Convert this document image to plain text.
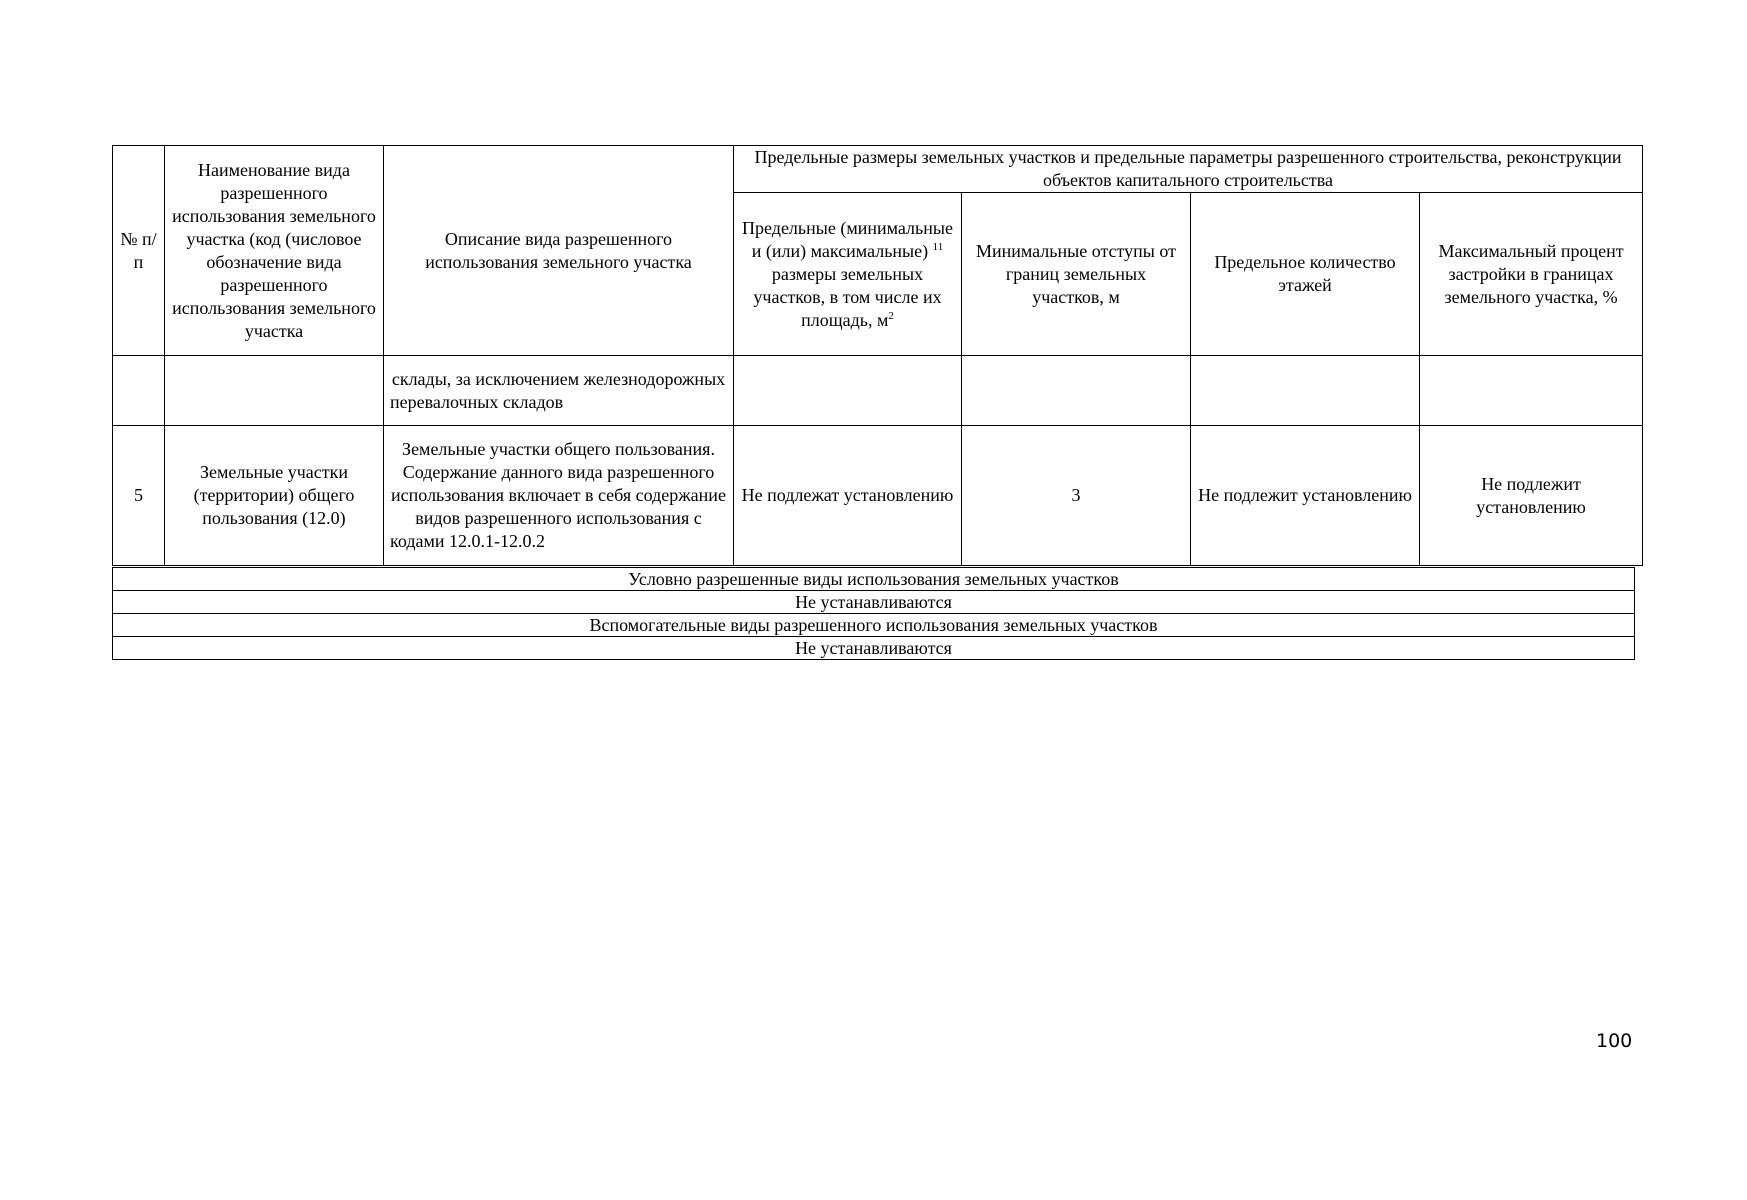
№ п/п	Наименование вида разрешенного использования земельного участка (код (числовое обозначение вида разрешенного использования земельного участка	Описание вида разрешенного использования земельного участка	Предельные размеры земельных участков и предельные параметры разрешенного строительства, реконструкции объектов капитального строительства			
			Предельные (минимальные и (или) максимальные) $^{11}$ размеры земельных участков, в том числе их площадь, $м^2$	Минимальные отступы от границ земельных участков, м	Предельное количество этажей	Максимальный процент застройки в границах земельного участка, %
		склады, за исключением железнодорожных перевалочных складов				
5	Земельные участки (территории) общего пользования (12.0)	Земельные участки общего пользования. Содержание данного вида разрешенного использования включает в себя содержание видов разрешенного использования с кодами 12.0.1-12.0.2	Не подлежат установлению	3	Не подлежит установлению	Не подлежит установлению
Условно разрешенные виды использования земельных участков
Не устанавливаются
Вспомогательные виды разрешенного использования земельных участков
Не устанавливаются
100
